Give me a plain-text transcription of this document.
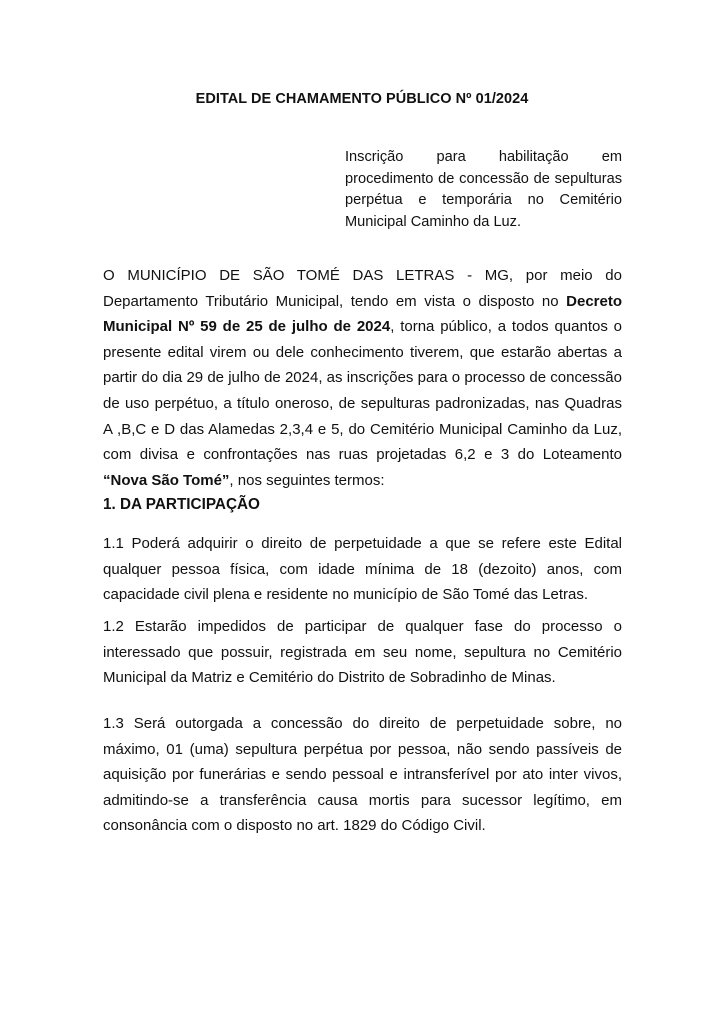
EDITAL DE CHAMAMENTO PÚBLICO Nº 01/2024
Inscrição para habilitação em procedimento de concessão de sepulturas perpétua e temporária no Cemitério Municipal Caminho da Luz.
O MUNICÍPIO DE SÃO TOMÉ DAS LETRAS - MG, por meio do Departamento Tributário Municipal, tendo em vista o disposto no Decreto Municipal Nº 59 de 25 de julho de 2024, torna público, a todos quantos o presente edital virem ou dele conhecimento tiverem, que estarão abertas a partir do dia 29 de julho de 2024, as inscrições para o processo de concessão de uso perpétuo, a título oneroso, de sepulturas padronizadas, nas Quadras A ,B,C e D das Alamedas 2,3,4 e 5, do Cemitério Municipal Caminho da Luz, com divisa e confrontações nas ruas projetadas 6,2 e 3 do Loteamento “Nova São Tomé”, nos seguintes termos:
1. DA PARTICIPAÇÃO
1.1 Poderá adquirir o direito de perpetuidade a que se refere este Edital qualquer pessoa física, com idade mínima de 18 (dezoito) anos, com capacidade civil plena e residente no município de São Tomé das Letras.
1.2 Estarão impedidos de participar de qualquer fase do processo o interessado que possuir, registrada em seu nome, sepultura no Cemitério Municipal da Matriz e Cemitério do Distrito de Sobradinho de Minas.
1.3 Será outorgada a concessão do direito de perpetuidade sobre, no máximo, 01 (uma) sepultura perpétua por pessoa, não sendo passíveis de aquisição por funerárias e sendo pessoal e intransferível por ato inter vivos, admitindo-se a transferência causa mortis para sucessor legítimo, em consonância com o disposto no art. 1829 do Código Civil.
